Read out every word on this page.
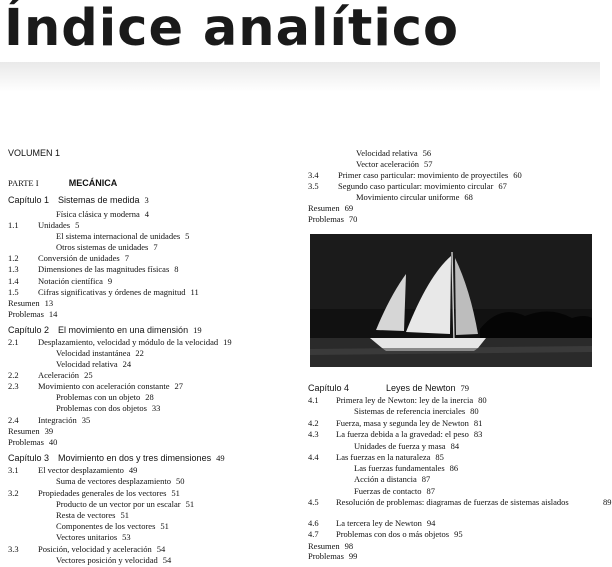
Índice analítico
VOLUMEN 1
PARTE I	MECÁNICA
Capítulo 1 Sistemas de medida 3
Física clásica y moderna 4
1.1 Unidades 5
El sistema internacional de unidades 5
Otros sistemas de unidades 7
1.2 Conversión de unidades 7
1.3 Dimensiones de las magnitudes físicas 8
1.4 Notación científica 9
1.5 Cifras significativas y órdenes de magnitud 11
Resumen 13
Problemas 14
Capítulo 2 El movimiento en una dimensión 19
2.1 Desplazamiento, velocidad y módulo de la velocidad 19
Velocidad instantánea 22
Velocidad relativa 24
2.2 Aceleración 25
2.3 Movimiento con aceleración constante 27
Problemas con un objeto 28
Problemas con dos objetos 33
2.4 Integración 35
Resumen 39
Problemas 40
Capítulo 3 Movimiento en dos y tres dimensiones 49
3.1 El vector desplazamiento 49
Suma de vectores desplazamiento 50
3.2 Propiedades generales de los vectores 51
Producto de un vector por un escalar 51
Resta de vectores 51
Componentes de los vectores 51
Vectores unitarios 53
3.3 Posición, velocidad y aceleración 54
Vectores posición y velocidad 54
Velocidad relativa 56
Vector aceleración 57
3.4 Primer caso particular: movimiento de proyectiles 60
3.5 Segundo caso particular: movimiento circular 67
Movimiento circular uniforme 68
Resumen 69
Problemas 70
Capítulo 4	Leyes de Newton 79
4.1 Primera ley de Newton: ley de la inercia 80
Sistemas de referencia inerciales 80
4.2 Fuerza, masa y segunda ley de Newton 81
4.3 La fuerza debida a la gravedad: el peso 83
Unidades de fuerza y masa 84
4.4 Las fuerzas en la naturaleza 85
Las fuerzas fundamentales 86
Acción a distancia 87
Fuerzas de contacto 87
4.5 Resolución de problemas: diagramas de fuerzas de sistemas aislados	89
4.6 La tercera ley de Newton 94
4.7 Problemas con dos o más objetos 95
Resumen 98
Problemas 99
